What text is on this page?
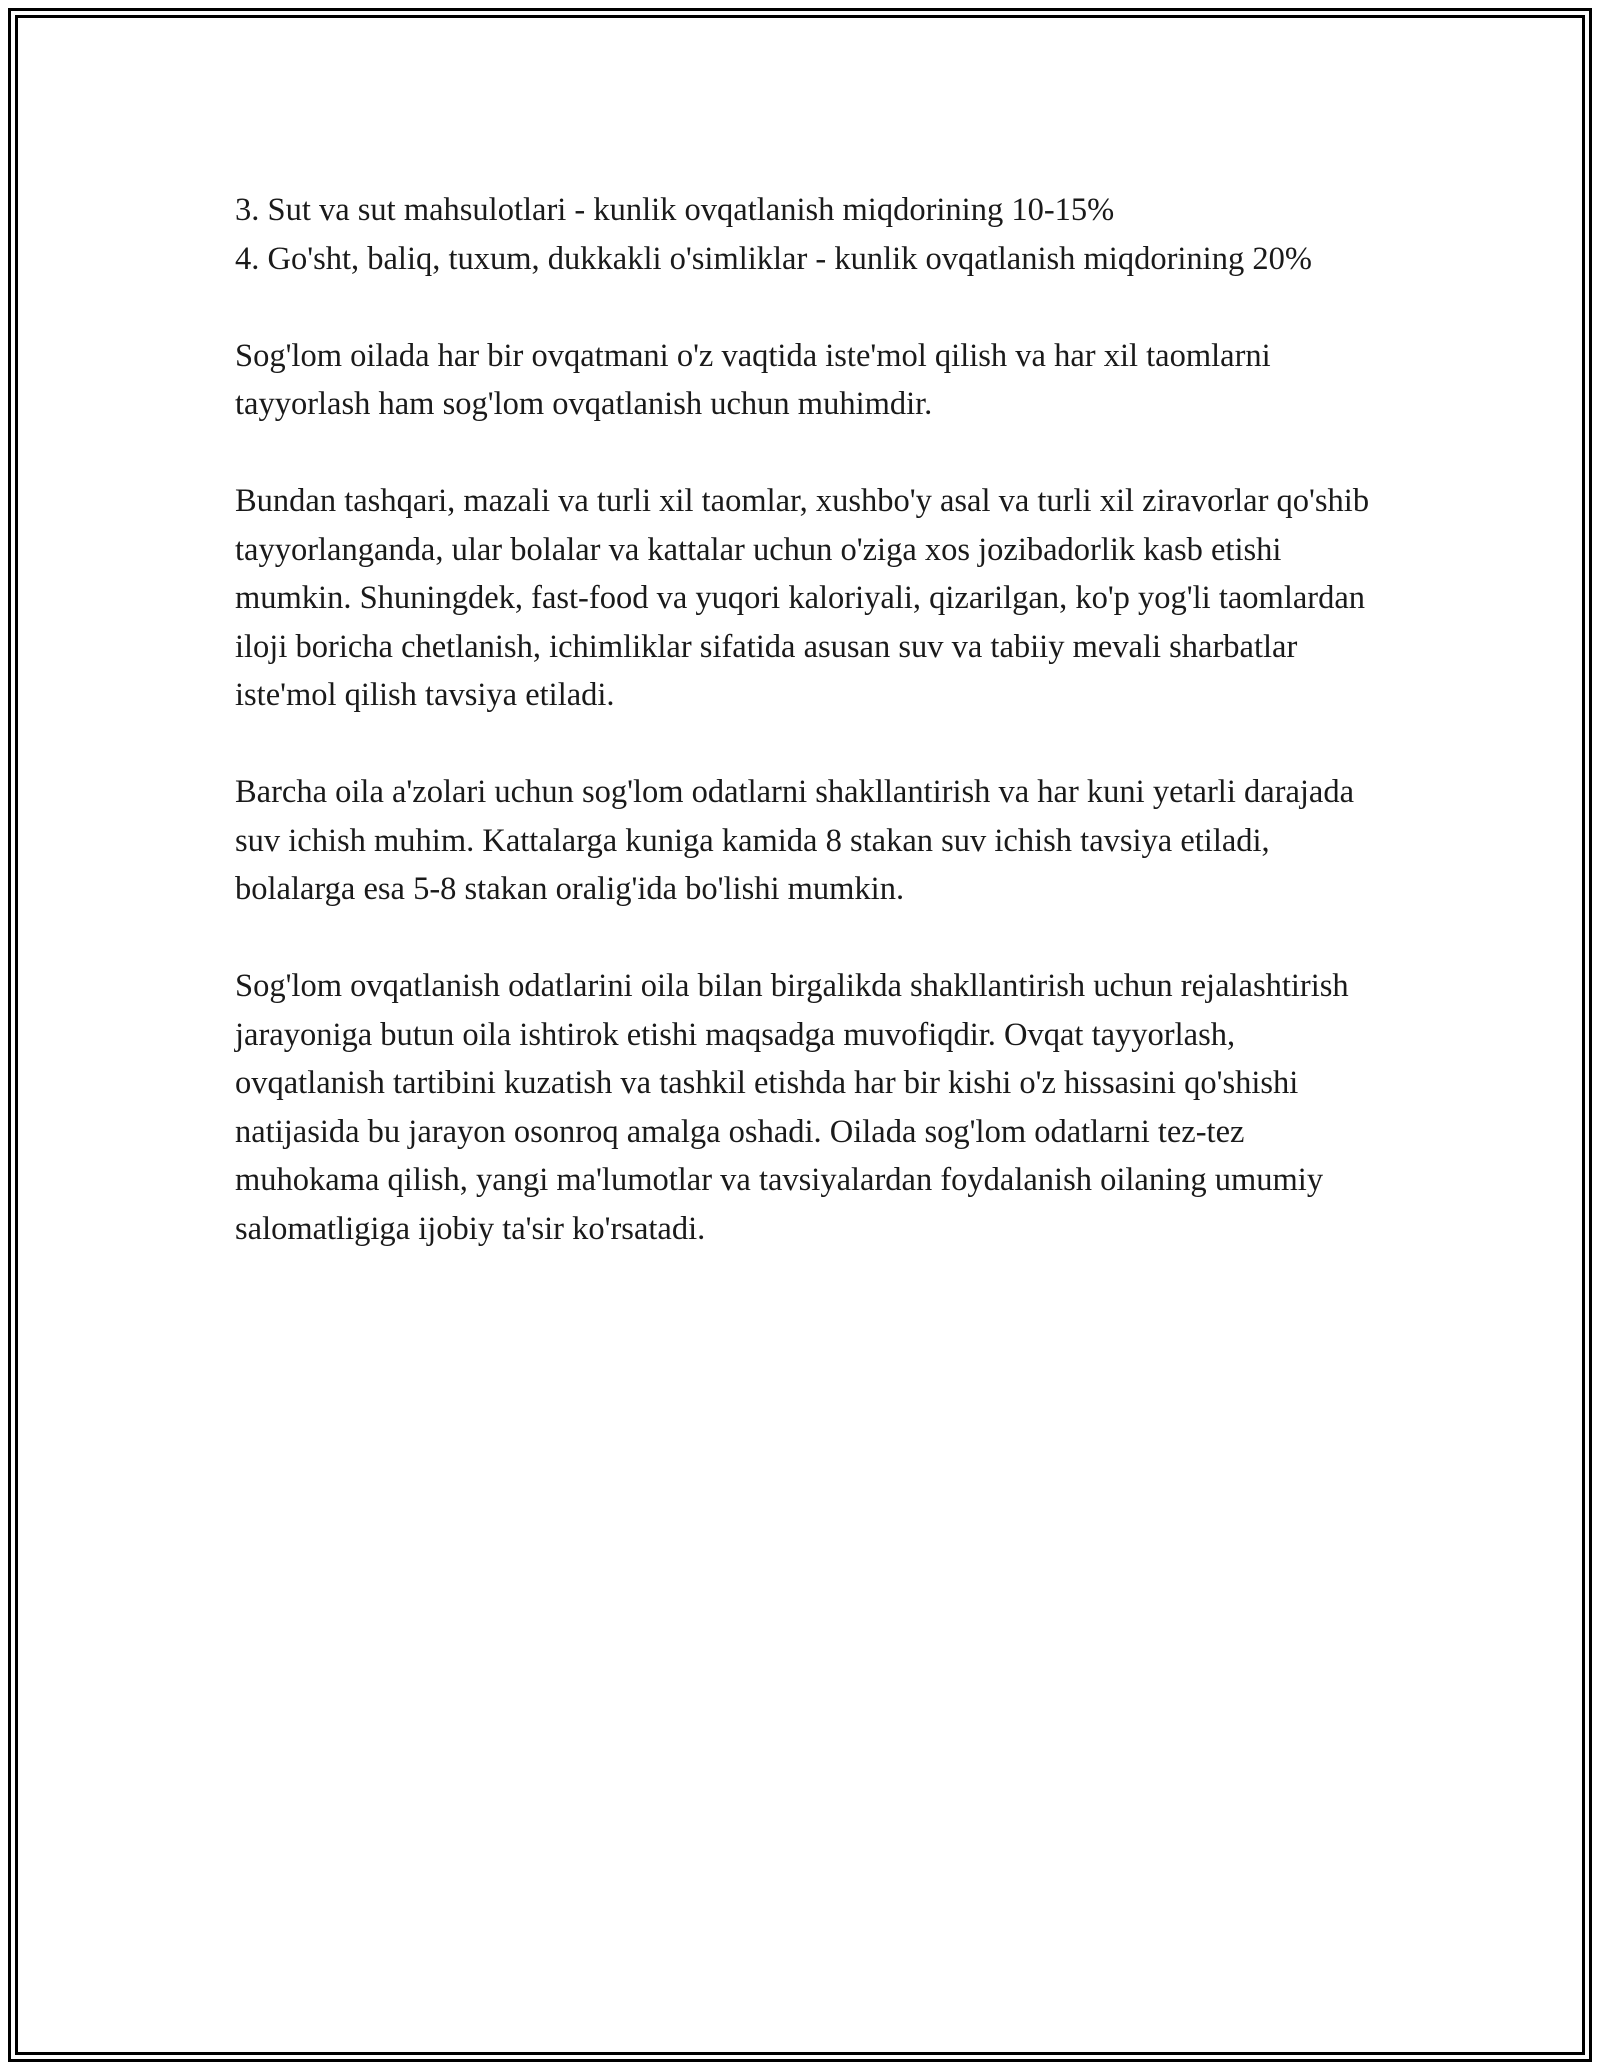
3. Sut va sut mahsulotlari - kunlik ovqatlanish miqdorining 10-15%

4. Go'sht, baliq, tuxum, dukkakli o'simliklar - kunlik ovqatlanish miqdorining 20%

Sog'lom oilada har bir ovqatmani o'z vaqtida iste'mol qilish va har xil taomlarni tayyorlash ham sog'lom ovqatlanish uchun muhimdir.

Bundan tashqari, mazali va turli xil taomlar, xushbo'y asal va turli xil ziravorlar qo'shib tayyorlanganda, ular bolalar va kattalar uchun o'ziga xos jozibadorlik kasb etishi mumkin. Shuningdek, fast-food va yuqori kaloriyali, qizarilgan, ko'p yog'li taomlardan iloji boricha chetlanish, ichimliklar sifatida asusan suv va tabiiy mevali sharbatlar iste'mol qilish tavsiya etiladi.

Barcha oila a'zolari uchun sog'lom odatlarni shakllantirish va har kuni yetarli darajada suv ichish muhim. Kattalarga kuniga kamida 8 stakan suv ichish tavsiya etiladi, bolalarga esa 5-8 stakan oralig'ida bo'lishi mumkin.

Sog'lom ovqatlanish odatlarini oila bilan birgalikda shakllantirish uchun rejalashtirish jarayoniga butun oila ishtirok etishi maqsadga muvofiqdir. Ovqat tayyorlash, ovqatlanish tartibini kuzatish va tashkil etishda har bir kishi o'z hissasini qo'shishi natijasida bu jarayon osonroq amalga oshadi. Oilada sog'lom odatlarni tez-tez muhokama qilish, yangi ma'lumotlar va tavsiyalardan foydalanish oilaning umumiy salomatligiga ijobiy ta'sir ko'rsatadi.
